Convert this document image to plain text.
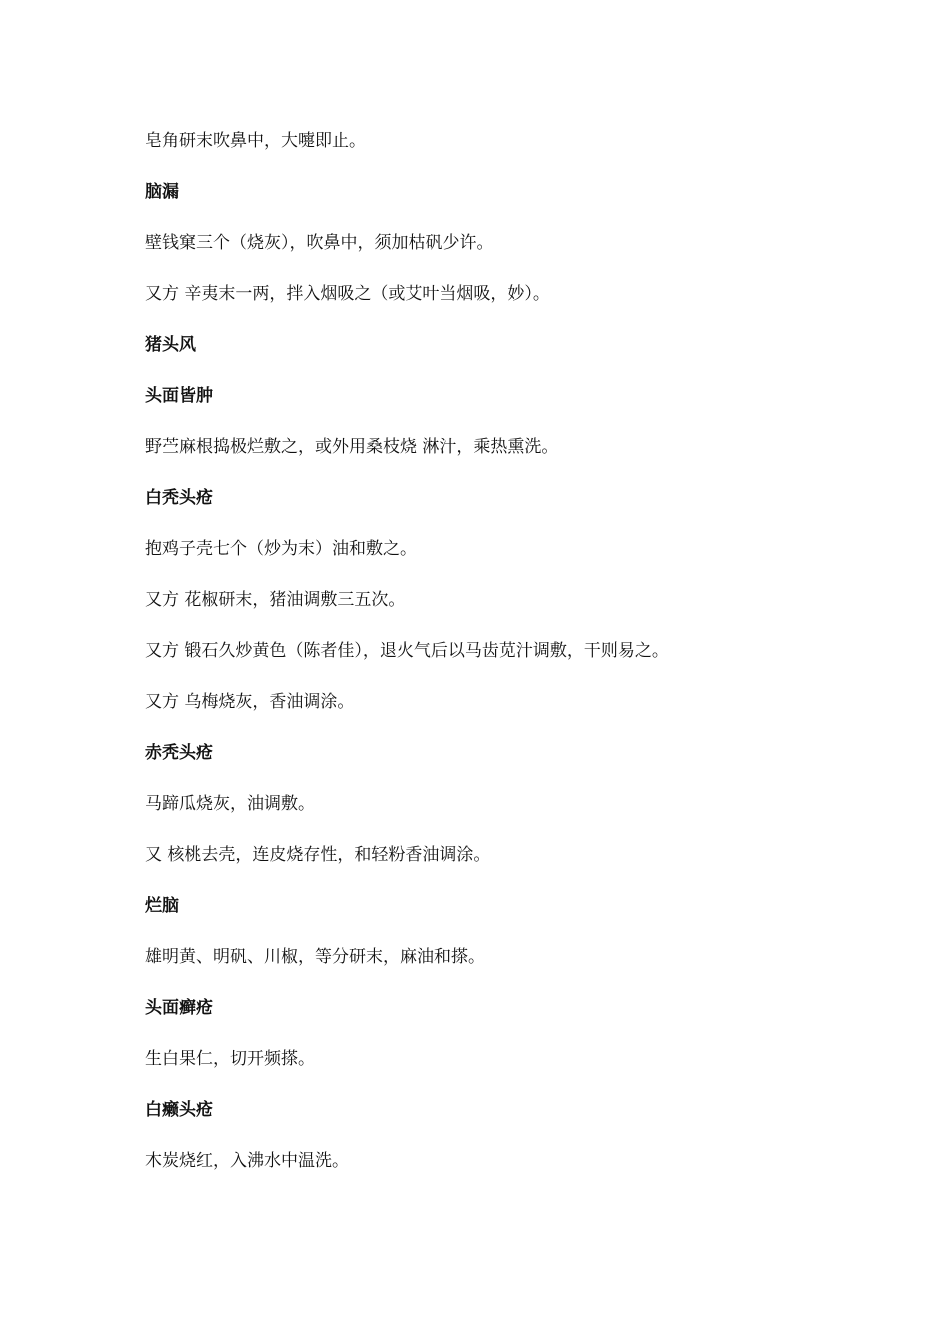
皂角研末吹鼻中，大嚏即止。
脑漏
壁钱窠三个（烧灰），吹鼻中，须加枯矾少许。
又方 辛夷末一两，拌入烟吸之（或艾叶当烟吸，妙）。
猪头风
头面皆肿
野苎麻根捣极烂敷之，或外用桑枝烧 淋汁，乘热熏洗。
白秃头疮
抱鸡子壳七个（炒为末）油和敷之。
又方 花椒研末，猪油调敷三五次。
又方 锻石久炒黄色（陈者佳），退火气后以马齿苋汁调敷，干则易之。
又方 乌梅烧灰，香油调涂。
赤秃头疮
马蹄瓜烧灰，油调敷。
又 核桃去壳，连皮烧存性，和轻粉香油调涂。
烂脑
雄明黄、明矾、川椒，等分研末，麻油和搽。
头面癣疮
生白果仁，切开频搽。
白癞头疮
木炭烧红，入沸水中温洗。
